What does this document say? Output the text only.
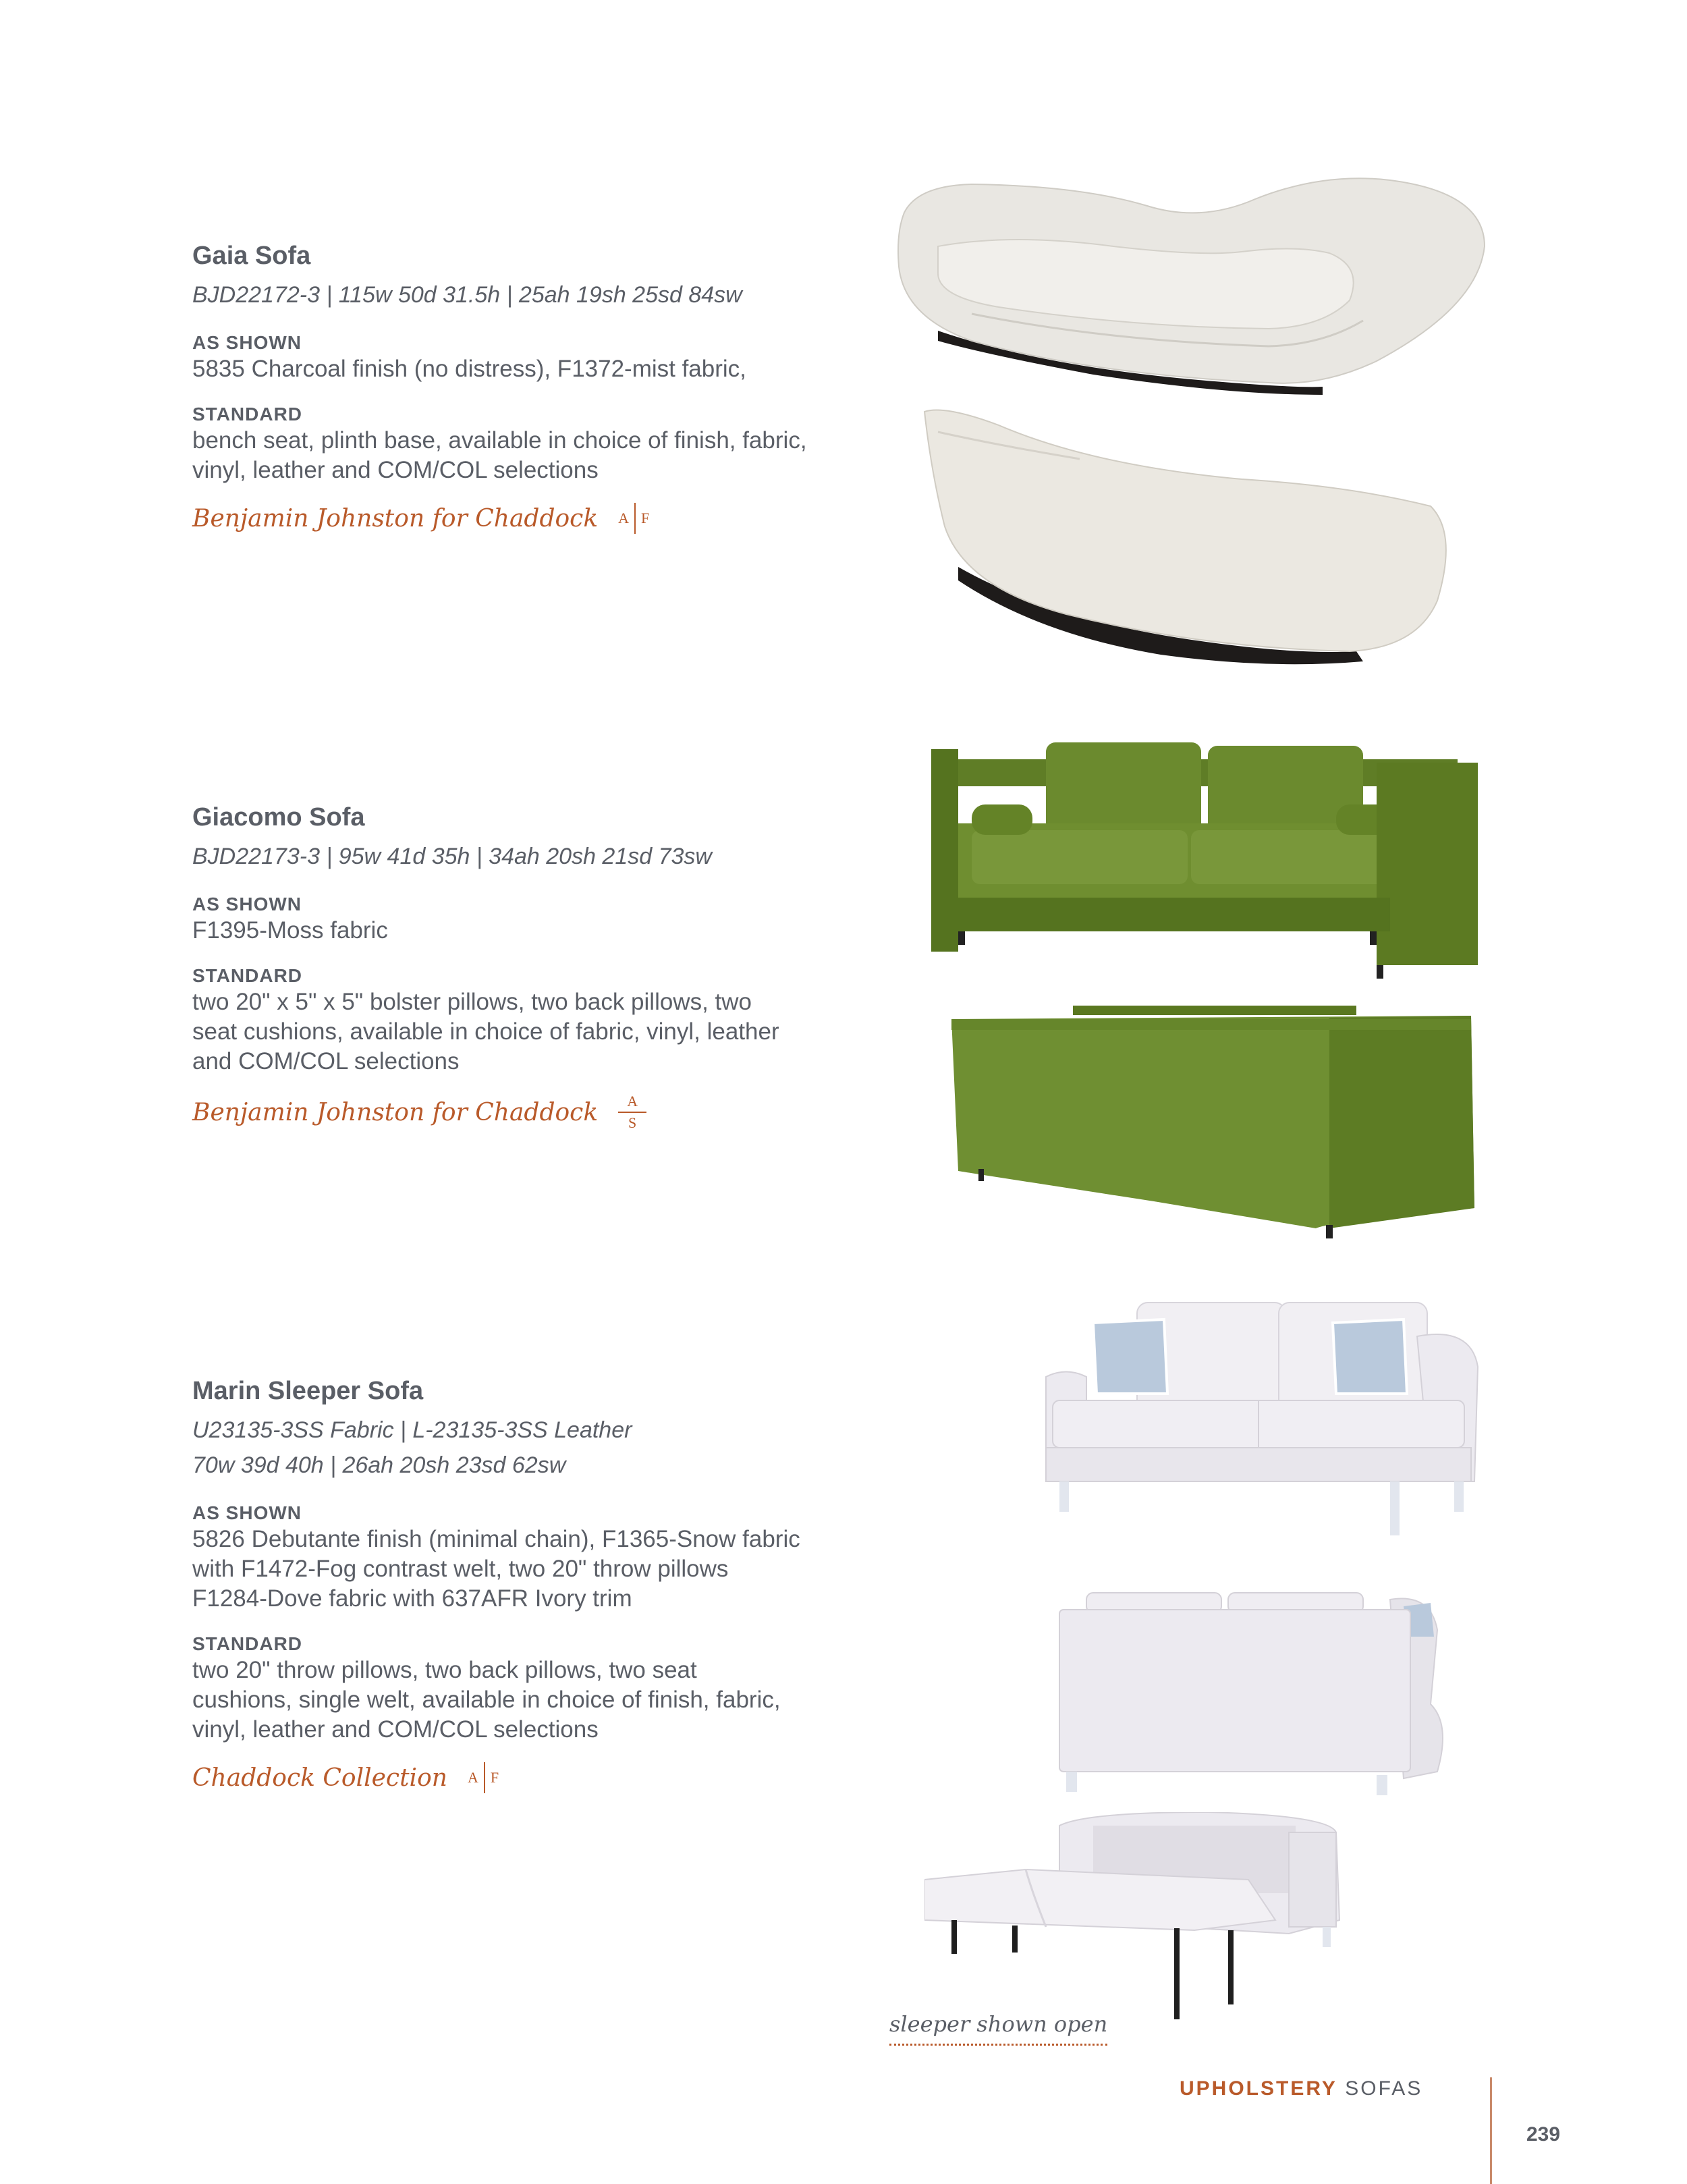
Gaia Sofa
BJD22172-3 | 115w 50d 31.5h | 25ah 19sh 25sd 84sw
AS SHOWN
5835 Charcoal finish (no distress), F1372-mist fabric,
STANDARD
bench seat, plinth base, available in choice of finish, fabric,
vinyl, leather and COM/COL selections
Benjamin Johnston for Chaddock A F
Giacomo Sofa
BJD22173-3 | 95w 41d 35h | 34ah 20sh 21sd 73sw
AS SHOWN
F1395-Moss fabric
STANDARD
two 20" x 5" x 5" bolster pillows, two back pillows, two
seat cushions, available in choice of fabric, vinyl, leather
and COM/COL selections
Benjamin Johnston for Chaddock A
S
Marin Sleeper Sofa
U23135-3SS Fabric | L-23135-3SS Leather
70w 39d 40h | 26ah 20sh 23sd 62sw
AS SHOWN
5826 Debutante finish (minimal chain), F1365-Snow fabric
with F1472-Fog contrast welt, two 20" throw pillows
F1284-Dove fabric with 637AFR Ivory trim
STANDARD
two 20" throw pillows, two back pillows, two seat
cushions, single welt, available in choice of finish, fabric,
vinyl, leather and COM/COL selections
Chaddock Collection A F
sleeper shown open
UPHOLSTERY SOFAS
239
